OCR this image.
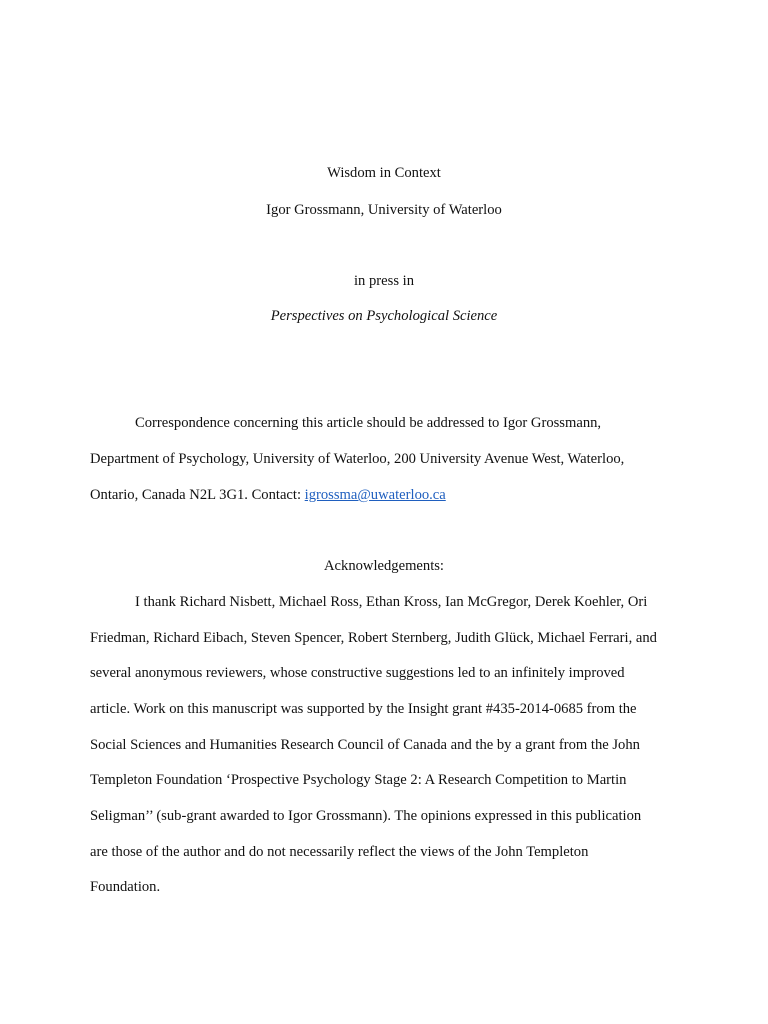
Wisdom in Context
Igor Grossmann, University of Waterloo
in press in
Perspectives on Psychological Science
Correspondence concerning this article should be addressed to Igor Grossmann,
Department of Psychology, University of Waterloo, 200 University Avenue West, Waterloo,
Ontario, Canada N2L 3G1. Contact: igrossma@uwaterloo.ca
Acknowledgements:
I thank Richard Nisbett, Michael Ross, Ethan Kross, Ian McGregor, Derek Koehler, Ori
Friedman, Richard Eibach, Steven Spencer, Robert Sternberg, Judith Glück, Michael Ferrari, and
several anonymous reviewers, whose constructive suggestions led to an infinitely improved
article. Work on this manuscript was supported by the Insight grant #435-2014-0685 from the
Social Sciences and Humanities Research Council of Canada and the by a grant from the John
Templeton Foundation ‘Prospective Psychology Stage 2: A Research Competition to Martin
Seligman’’ (sub-grant awarded to Igor Grossmann). The opinions expressed in this publication
are those of the author and do not necessarily reflect the views of the John Templeton
Foundation.
